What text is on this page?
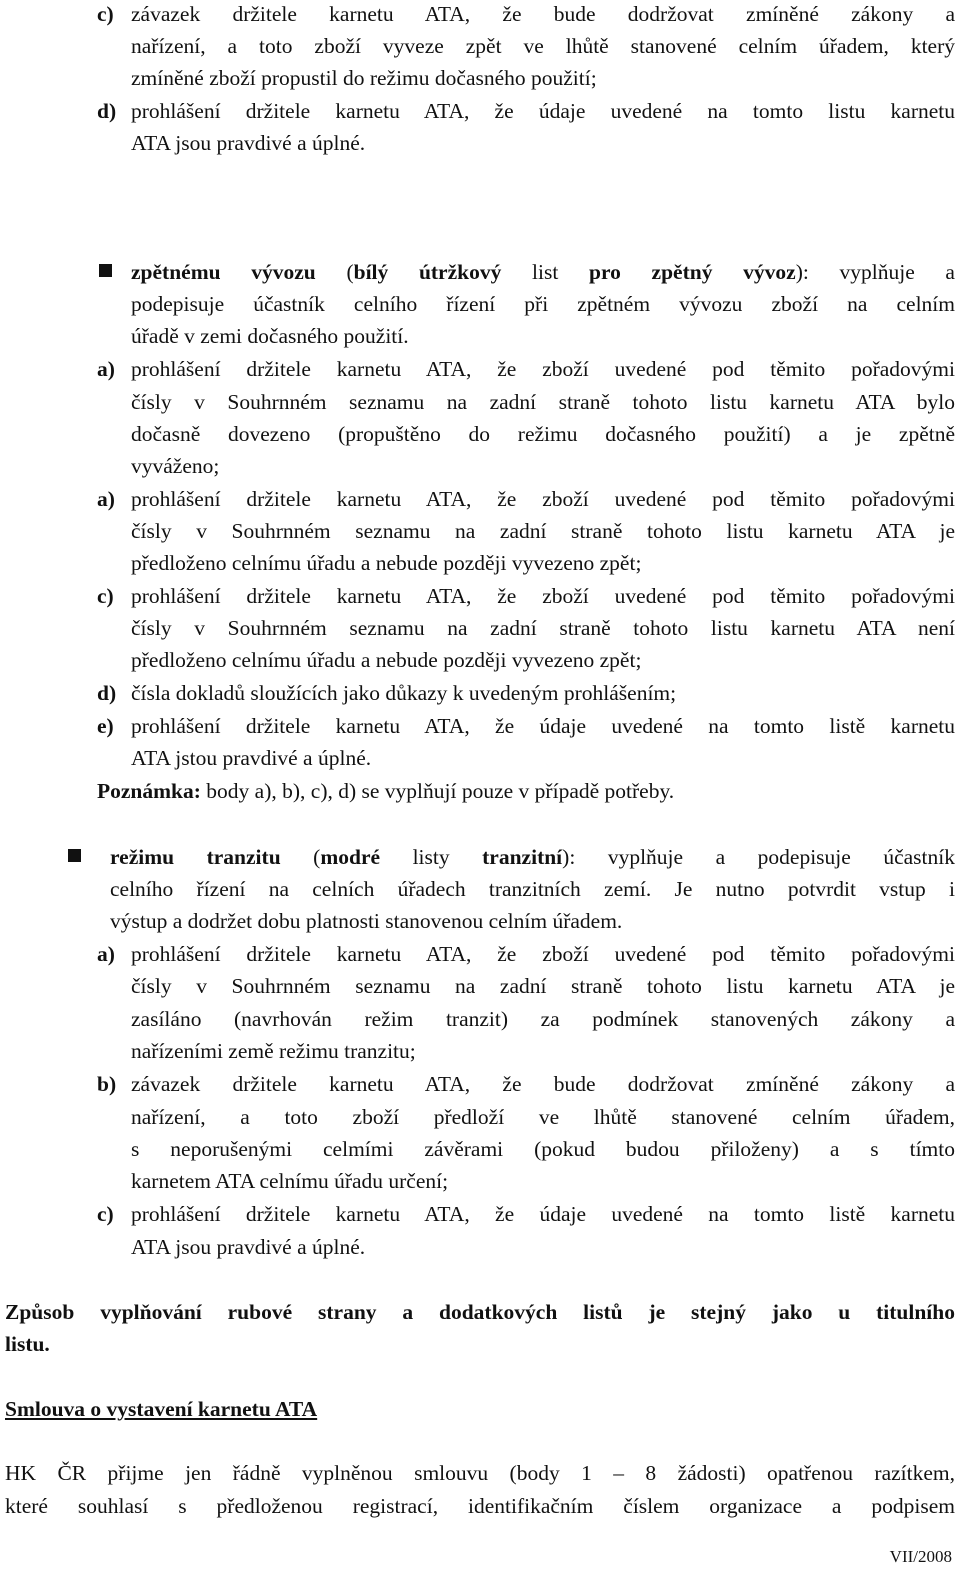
c) závazek držitele karnetu ATA, že bude dodržovat zmíněné zákony a
nařízení, a toto zboží vyveze zpět ve lhůtě stanovené celním úřadem, který
zmíněné zboží propustil do režimu dočasného použití;
d) prohlášení držitele karnetu ATA, že údaje uvedené na tomto listu karnetu
ATA jsou pravdivé a úplné.
zpětnému vývozu (bílý útržkový list pro zpětný vývoz): vyplňuje a
podepisuje účastník celního řízení při zpětném vývozu zboží na celním
úřadě v zemi dočasného použití.
a) prohlášení držitele karnetu ATA, že zboží uvedené pod těmito pořadovými
čísly v Souhrnném seznamu na zadní straně tohoto listu karnetu ATA bylo
dočasně dovezeno (propuštěno do režimu dočasného použití) a je zpětně
vyváženo;
a) prohlášení držitele karnetu ATA, že zboží uvedené pod těmito pořadovými
čísly v Souhrnném seznamu na zadní straně tohoto listu karnetu ATA je
předloženo celnímu úřadu a nebude později vyvezeno zpět;
c) prohlášení držitele karnetu ATA, že zboží uvedené pod těmito pořadovými
čísly v Souhrnném seznamu na zadní straně tohoto listu karnetu ATA není
předloženo celnímu úřadu a nebude později vyvezeno zpět;
d) čísla dokladů sloužících jako důkazy k uvedeným prohlášením;
e) prohlášení držitele karnetu ATA, že údaje uvedené na tomto listě karnetu
ATA jstou pravdivé a úplné.
Poznámka: body a), b), c), d) se vyplňují pouze v případě potřeby.
režimu tranzitu (modré listy tranzitní): vyplňuje a podepisuje účastník
celního řízení na celních úřadech tranzitních zemí. Je nutno potvrdit vstup i
výstup a dodržet dobu platnosti stanovenou celním úřadem.
a) prohlášení držitele karnetu ATA, že zboží uvedené pod těmito pořadovými
čísly v Souhrnném seznamu na zadní straně tohoto listu karnetu ATA je
zasíláno (navrhován režim tranzit) za podmínek stanovených zákony a
nařízeními země režimu tranzitu;
b) závazek držitele karnetu ATA, že bude dodržovat zmíněné zákony a
nařízení, a toto zboží předloží ve lhůtě stanovené celním úřadem,
s neporušenými celmími závěrami (pokud budou přiloženy) a s tímto
karnetem ATA celnímu úřadu určení;
c) prohlášení držitele karnetu ATA, že údaje uvedené na tomto listě karnetu
ATA jsou pravdivé a úplné.
Způsob vyplňování rubové strany a dodatkových listů je stejný jako u titulního
listu.
Smlouva o vystavení karnetu ATA
HK ČR přijme jen řádně vyplněnou smlouvu (body 1 – 8 žádosti) opatřenou razítkem,
které souhlasí s předloženou registrací, identifikačním číslem organizace a podpisem
VII/2008
